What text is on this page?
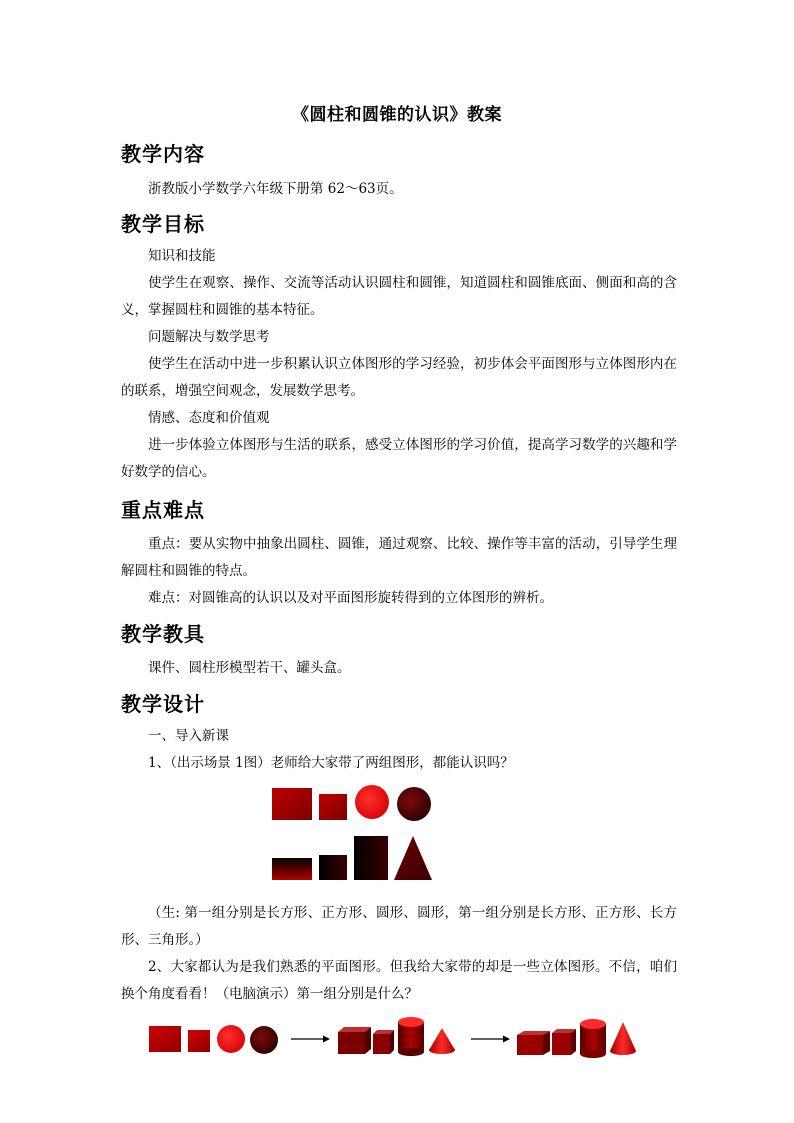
《圆柱和圆锥的认识》教案
教学内容

浙教版小学数学六年级下册第 62～63页。

教学目标

知识和技能

使学生在观察、操作、交流等活动认识圆柱和圆锥，知道圆柱和圆锥底面、侧面和高的含义，掌握圆柱和圆锥的基本特征。

问题解决与数学思考

使学生在活动中进一步积累认识立体图形的学习经验，初步体会平面图形与立体图形内在的联系，增强空间观念，发展数学思考。

情感、态度和价值观

进一步体验立体图形与生活的联系，感受立体图形的学习价值，提高学习数学的兴趣和学好数学的信心。

重点难点

重点：要从实物中抽象出圆柱、圆锥，通过观察、比较、操作等丰富的活动，引导学生理解圆柱和圆锥的特点。

难点：对圆锥高的认识以及对平面图形旋转得到的立体图形的辨析。

教学教具

课件、圆柱形模型若干、罐头盒。

教学设计

一、导入新课

1、（出示场景 1图）老师给大家带了两组图形，都能认识吗？

（生: 第一组分别是长方形、正方形、圆形、圆形，第一组分别是长方形、正方形、长方形、三角形。）

2、大家都认为是我们熟悉的平面图形。但我给大家带的却是一些立体图形。不信，咱们换个角度看看！（电脑演示）第一组分别是什么？
